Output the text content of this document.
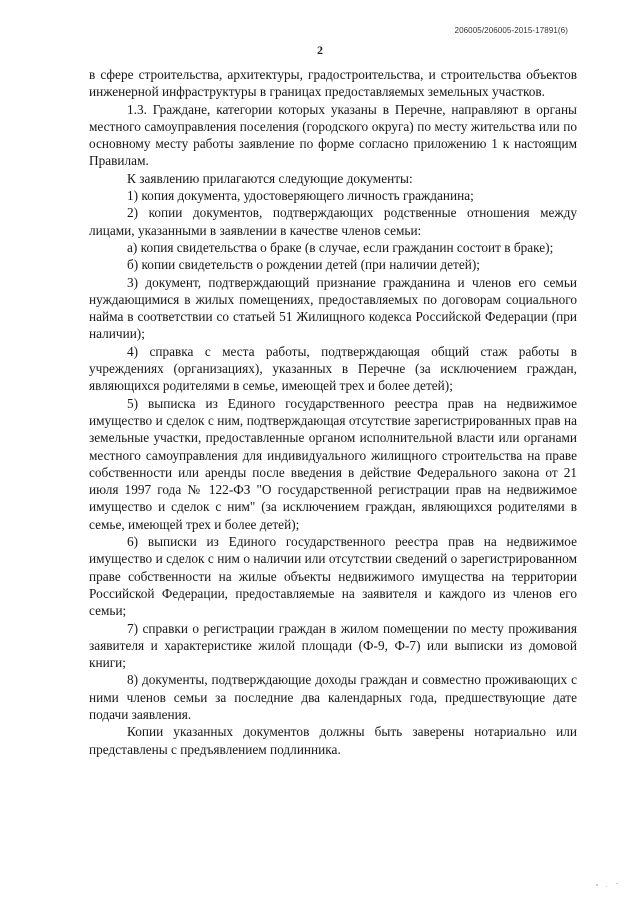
206005/206005-2015-17891(6)
2

в сфере строительства, архитектуры, градостроительства, и строительства объектов инженерной инфраструктуры в границах предоставляемых земельных участков.

1.3. Граждане, категории которых указаны в Перечне, направляют в органы местного самоуправления поселения (городского округа) по месту жительства или по основному месту работы заявление по форме согласно приложению 1 к настоящим Правилам.

К заявлению прилагаются следующие документы:

1) копия документа, удостоверяющего личность гражданина;

2) копии документов, подтверждающих родственные отношения между лицами, указанными в заявлении в качестве членов семьи:

а) копия свидетельства о браке (в случае, если гражданин состоит в браке);

б) копии свидетельств о рождении детей (при наличии детей);

3) документ, подтверждающий признание гражданина и членов его семьи нуждающимися в жилых помещениях, предоставляемых по договорам социального найма в соответствии со статьей 51 Жилищного кодекса Российской Федерации (при наличии);

4) справка с места работы, подтверждающая общий стаж работы в учреждениях (организациях), указанных в Перечне (за исключением граждан, являющихся родителями в семье, имеющей трех и более детей);

5) выписка из Единого государственного реестра прав на недвижимое имущество и сделок с ним, подтверждающая отсутствие зарегистрированных прав на земельные участки, предоставленные органом исполнительной власти или органами местного самоуправления для индивидуального жилищного строительства на праве собственности или аренды после введения в действие Федерального закона от 21 июля 1997 года № 122-ФЗ "О государственной регистрации прав на недвижимое имущество и сделок с ним" (за исключением граждан, являющихся родителями в семье, имеющей трех и более детей);

6) выписки из Единого государственного реестра прав на недвижимое имущество и сделок с ним о наличии или отсутствии сведений о зарегистрированном праве собственности на жилые объекты недвижимого имущества на территории Российской Федерации, предоставляемые на заявителя и каждого из членов его семьи;

7) справки о регистрации граждан в жилом помещении по месту проживания заявителя и характеристике жилой площади (Ф-9, Ф-7) или выписки из домовой книги;

8) документы, подтверждающие доходы граждан и совместно проживающих с ними членов семьи за последние два календарных года, предшествующие дате подачи заявления.

Копии указанных документов должны быть заверены нотариально или представлены с предъявлением подлинника.
